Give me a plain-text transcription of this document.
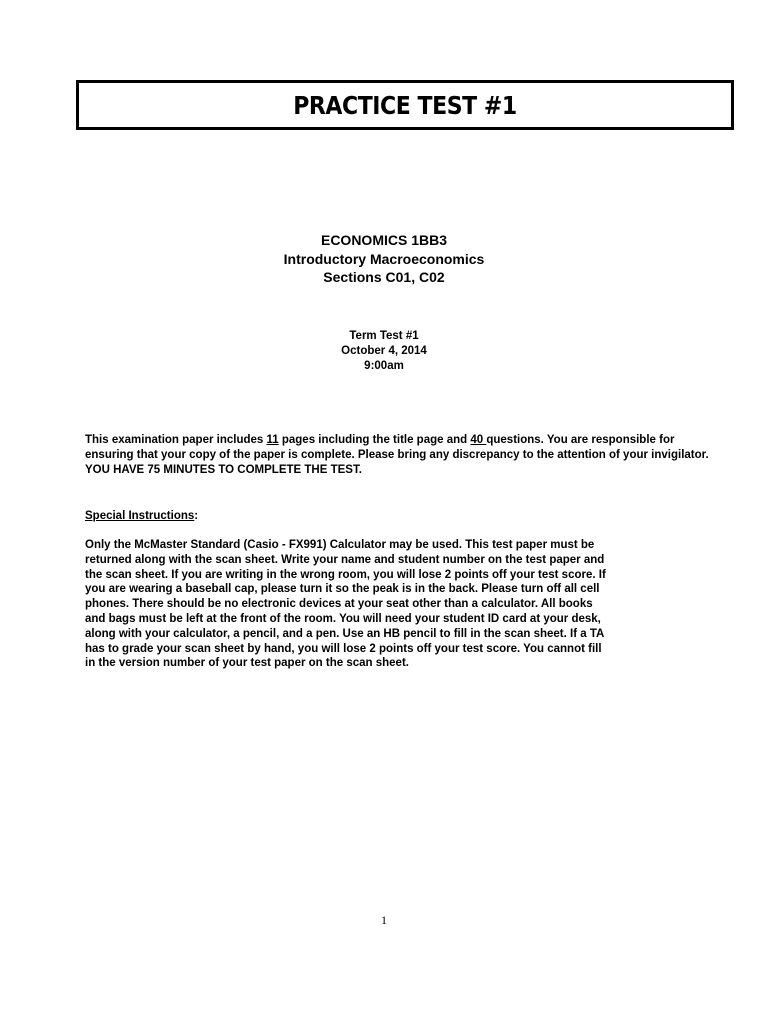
PRACTICE TEST #1
ECONOMICS 1BB3
Introductory Macroeconomics
Sections C01, C02
Term Test #1
October 4, 2014
9:00am
This examination paper includes 11 pages including the title page and 40 questions. You are responsible for ensuring that your copy of the paper is complete. Please bring any discrepancy to the attention of your invigilator. YOU HAVE 75 MINUTES TO COMPLETE THE TEST.
Special Instructions:
Only the McMaster Standard (Casio - FX991) Calculator may be used. This test paper must be
returned along with the scan sheet. Write your name and student number on the test paper and
the scan sheet. If you are writing in the wrong room, you will lose 2 points off your test score. If
you are wearing a baseball cap, please turn it so the peak is in the back. Please turn off all cell
phones. There should be no electronic devices at your seat other than a calculator. All books
and bags must be left at the front of the room. You will need your student ID card at your desk,
along with your calculator, a pencil, and a pen. Use an HB pencil to fill in the scan sheet. If a TA
has to grade your scan sheet by hand, you will lose 2 points off your test score. You cannot fill
in the version number of your test paper on the scan sheet.
1
